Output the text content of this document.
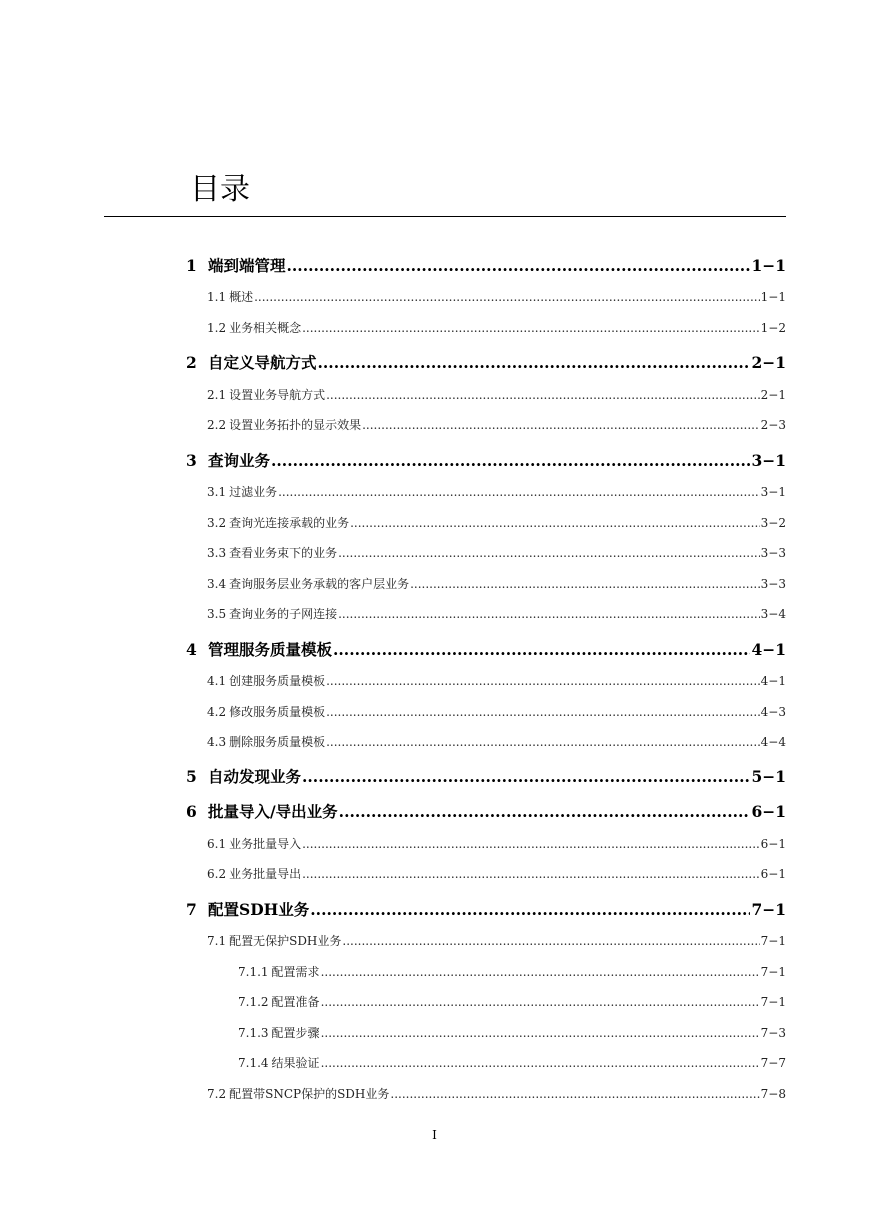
目录
1 端到端管理 .....	1−1
1.1 概述 .....	1−1
1.2 业务相关概念 .....	1−2
2 自定义导航方式 .....	2−1
2.1 设置业务导航方式 .....	2−1
2.2 设置业务拓扑的显示效果 .....	2−3
3 查询业务 .....	3−1
3.1 过滤业务 .....	3−1
3.2 查询光连接承载的业务 .....	3−2
3.3 查看业务束下的业务 .....	3−3
3.4 查询服务层业务承载的客户层业务 .....	3−3
3.5 查询业务的子网连接 .....	3−4
4 管理服务质量模板 .....	4−1
4.1 创建服务质量模板 .....	4−1
4.2 修改服务质量模板 .....	4−3
4.3 删除服务质量模板 .....	4−4
5 自动发现业务 .....	5−1
6 批量导入/导出业务 .....	6−1
6.1 业务批量导入 .....	6−1
6.2 业务批量导出 .....	6−1
7 配置SDH业务 .....	7−1
7.1 配置无保护SDH业务 .....	7−1
7.1.1 配置需求 .....	7−1
7.1.2 配置准备 .....	7−1
7.1.3 配置步骤 .....	7−3
7.1.4 结果验证 .....	7−7
7.2 配置带SNCP保护的SDH业务 .....	7−8
I
